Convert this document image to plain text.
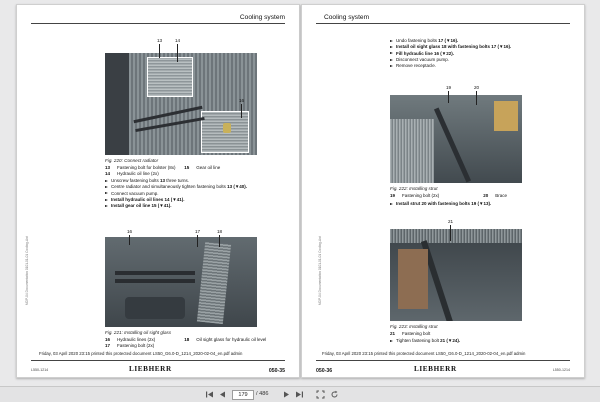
Cooling system
13	14
16
Fig. 220: Connect radiator
13 Fastening bolt for bolster (8x) 15 Gear oil line
14 Hydraulic oil line (2x)
Unscrew fastening bolts 13 three turns.
Centre radiator and simultaneously tighten fastening bolts 13 (▼40).
Connect vacuum pump.
Install hydraulic oil lines 14 (▼41).
Install gear oil line 15 (▼41).
16	17	18
Fig. 221: Installing oil sight glass
16 Hydraulic lines (2x)	18 Oil sight glass for hydraulic oil level
17 Fastening bolt (2x)
MDP-04 Documentation 0101-01-01 Cooling-Ant
Friday, 03 April 2020 23:15 printed this protected document LS50_G6.0-D_1214_2020-02-04_en.pdf admin
L550-1214	LIEBHERR	050-35
Cooling system
Undo fastening bolts 17 (▼16).
Install oil sight glass 18 with fastening bolts 17 (▼16).
Fill hydraulic line 16 (▼22).
Disconnect vacuum pump.
Remove receptacle.
19	20
Fig. 222: Installing strut
19 Fastening bolt (2x)	20 Brace
Install strut 20 with fastening bolts 19 (▼13).
21
Fig. 223: Installing strut
21 Fastening bolt
Tighten fastening bolt 21 (▼24).
MDP-04 Documentation 0101-01-01 Cooling-Ant
Friday, 03 April 2020 23:15 printed this protected document LS50_G6.0-D_1214_2020-02-04_en.pdf admin
050-36	LIEBHERR	L550-1214
179	/ 486
